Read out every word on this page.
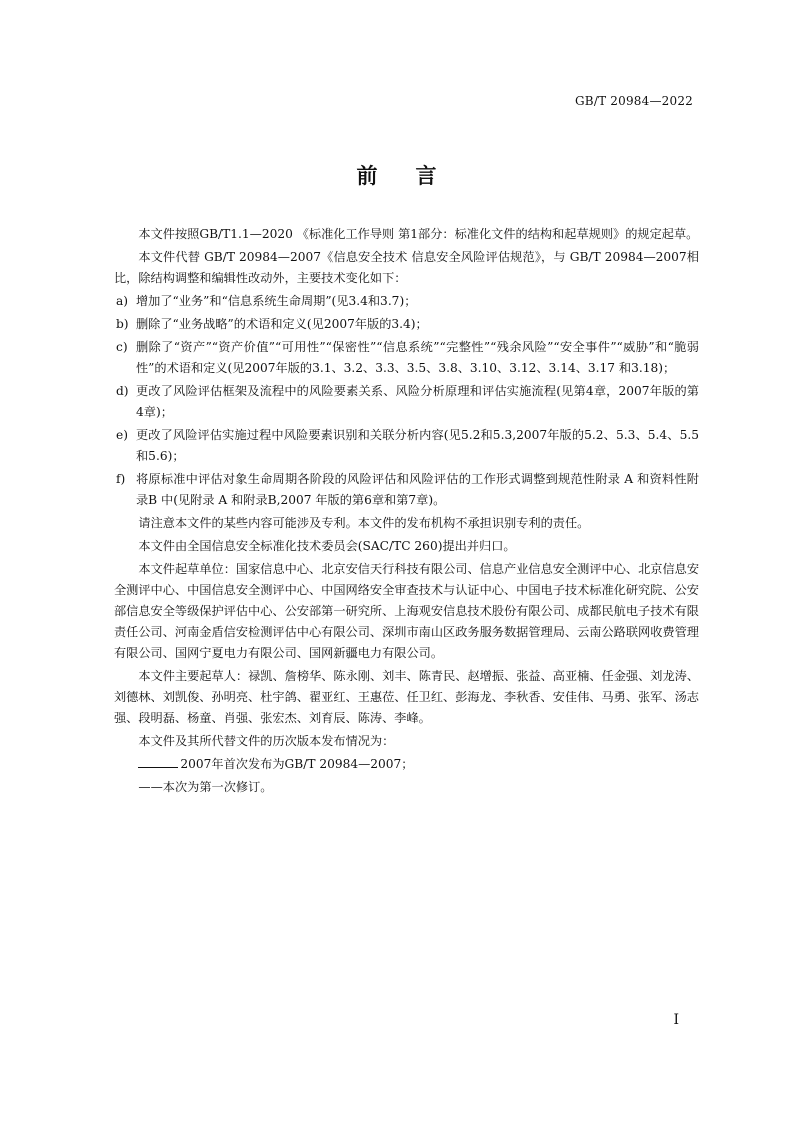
GB/T 20984—2022
前言

本文件按照GB/T1.1—2020 《标准化工作导则 第1部分：标准化文件的结构和起草规则》的规定起草。

本文件代替 GB/T 20984—2007《信息安全技术 信息安全风险评估规范》，与 GB/T 20984—2007相比，除结构调整和编辑性改动外，主要技术变化如下：

a) 增加了“业务”和“信息系统生命周期”(见3.4和3.7)；
b) 删除了“业务战略”的术语和定义(见2007年版的3.4)；
c) 删除了“资产”“资产价值”“可用性”“保密性”“信息系统”“完整性”“残余风险”“安全事件”“威胁”和“脆弱性”的术语和定义(见2007年版的3.1、3.2、3.3、3.5、3.8、3.10、3.12、3.14、3.17 和3.18)；
d) 更改了风险评估框架及流程中的风险要素关系、风险分析原理和评估实施流程(见第4章，2007年版的第4章)；
e) 更改了风险评估实施过程中风险要素识别和关联分析内容(见5.2和5.3,2007年版的5.2、5.3、5.4、5.5和5.6)；
f) 将原标准中评估对象生命周期各阶段的风险评估和风险评估的工作形式调整到规范性附录 A 和资料性附录B 中(见附录 A 和附录B,2007 年版的第6章和第7章)。

请注意本文件的某些内容可能涉及专利。本文件的发布机构不承担识别专利的责任。

本文件由全国信息安全标准化技术委员会(SAC/TC 260)提出并归口。

本文件起草单位：国家信息中心、北京安信天行科技有限公司、信息产业信息安全测评中心、北京信息安全测评中心、中国信息安全测评中心、中国网络安全审查技术与认证中心、中国电子技术标准化研究院、公安部信息安全等级保护评估中心、公安部第一研究所、上海观安信息技术股份有限公司、成都民航电子技术有限责任公司、河南金盾信安检测评估中心有限公司、深圳市南山区政务服务数据管理局、云南公路联网收费管理有限公司、国网宁夏电力有限公司、国网新疆电力有限公司。

本文件主要起草人：禄凯、詹榜华、陈永刚、刘丰、陈青民、赵增振、张益、高亚楠、任金强、刘龙涛、刘德林、刘凯俊、孙明亮、杜宇鸽、翟亚红、王惠莅、任卫红、彭海龙、李秋香、安佳伟、马勇、张军、汤志强、段明磊、杨童、肖强、张宏杰、刘育辰、陈涛、李峰。

本文件及其所代替文件的历次版本发布情况为：

2007年首次发布为GB/T 20984—2007；

——本次为第一次修订。

I
